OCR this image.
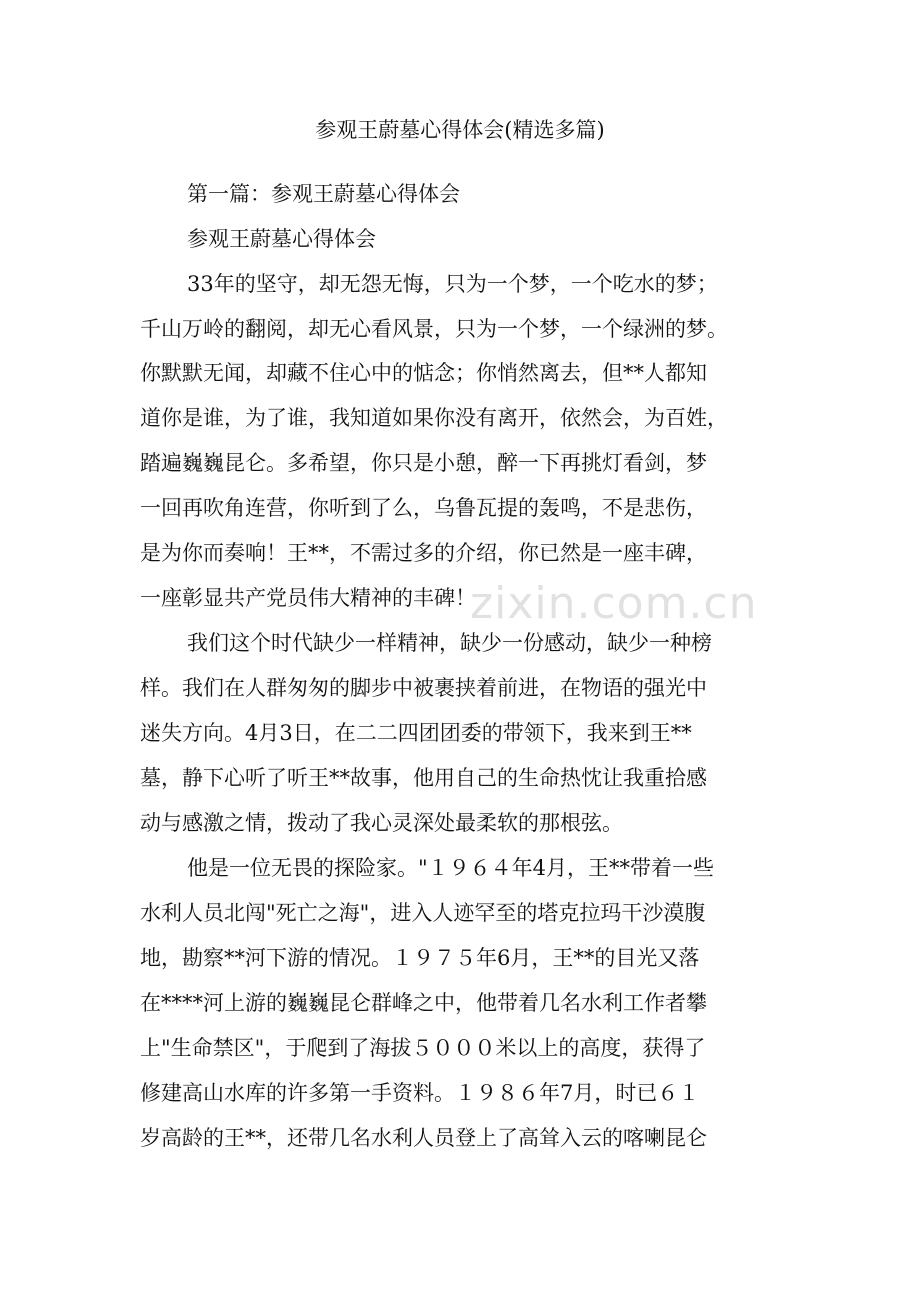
参观王蔚墓心得体会(精选多篇)
第一篇：参观王蔚墓心得体会
参观王蔚墓心得体会
33年的坚守，却无怨无悔，只为一个梦，一个吃水的梦；
千山万岭的翻阅，却无心看风景，只为一个梦，一个绿洲的梦。
你默默无闻，却藏不住心中的惦念；你悄然离去，但**人都知
道你是谁，为了谁，我知道如果你没有离开，依然会，为百姓，
踏遍巍巍昆仑。多希望，你只是小憩，醉一下再挑灯看剑，梦
一回再吹角连营，你听到了么，乌鲁瓦提的轰鸣，不是悲伤，
是为你而奏响！王**，不需过多的介绍，你已然是一座丰碑，
一座彰显共产党员伟大精神的丰碑！
我们这个时代缺少一样精神，缺少一份感动，缺少一种榜
样。我们在人群匆匆的脚步中被裹挟着前进，在物语的强光中
迷失方向。4月3日，在二二四团团委的带领下，我来到王**
墓，静下心听了听王**故事，他用自己的生命热忱让我重拾感
动与感激之情，拨动了我心灵深处最柔软的那根弦。
他是一位无畏的探险家。"１９６４年4月，王**带着一些
水利人员北闯"死亡之海"，进入人迹罕至的塔克拉玛干沙漠腹
地，勘察**河下游的情况。１９７５年6月，王**的目光又落
在****河上游的巍巍昆仑群峰之中，他带着几名水利工作者攀
上"生命禁区"，于爬到了海拔５０００米以上的高度，获得了
修建高山水库的许多第一手资料。１９８６年7月，时已６１
岁高龄的王**，还带几名水利人员登上了高耸入云的喀喇昆仑
zixin.com.cn
